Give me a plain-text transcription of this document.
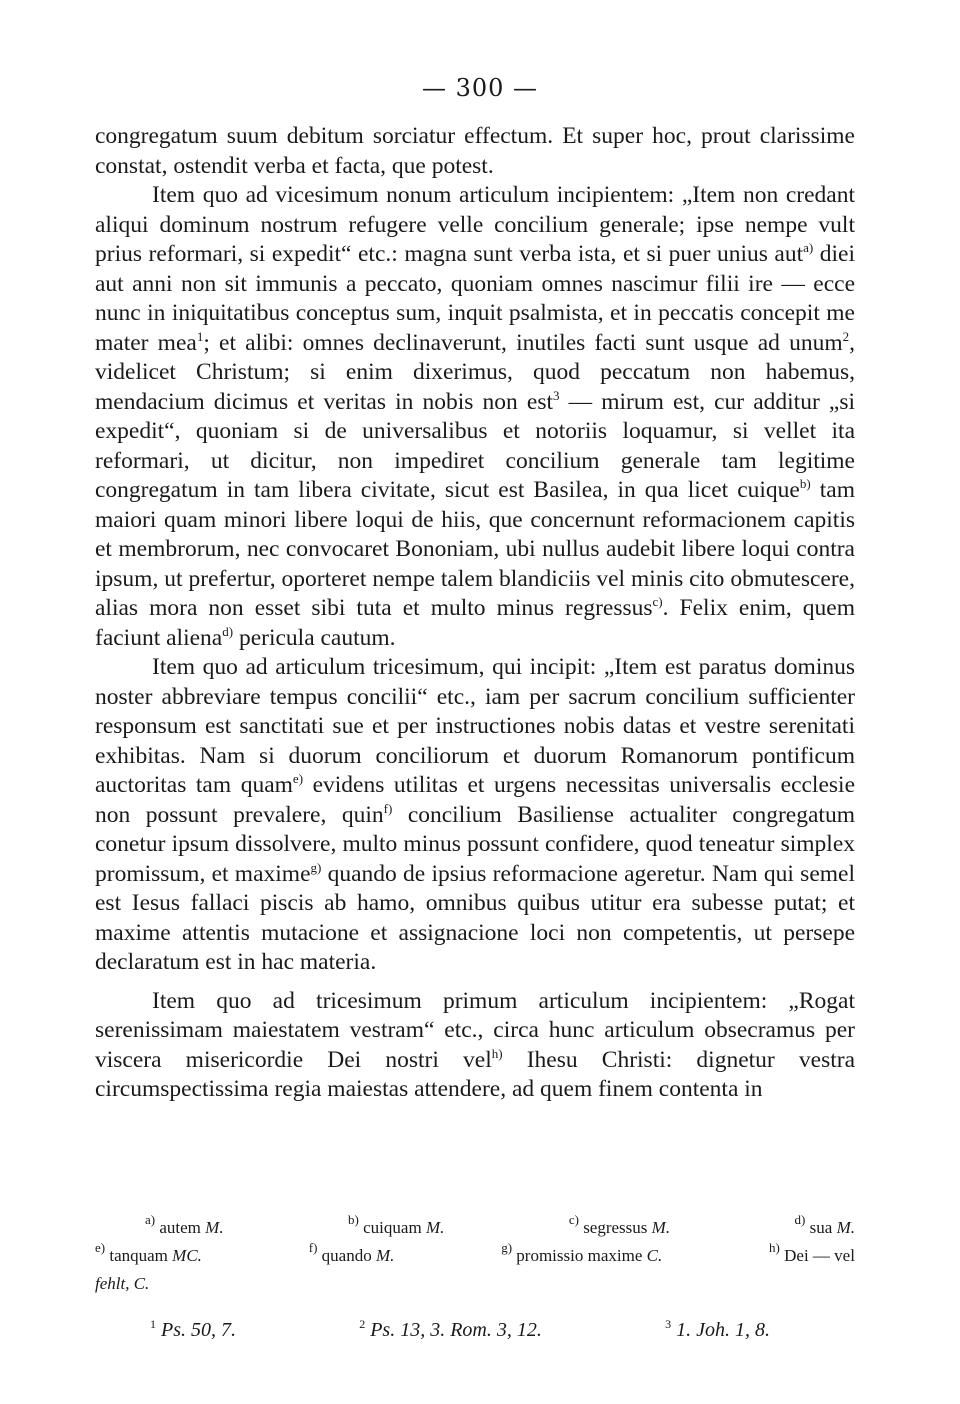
— 300 —

congregatum suum debitum sorciatur effectum. Et super hoc, prout clarissime constat, ostendit verba et facta, que potest.

Item quo ad vicesimum nonum articulum incipientem: „Item non credant aliqui dominum nostrum refugere velle concilium generale; ipse nempe vult prius reformari, si expedit“ etc.: magna sunt verba ista, et si puer unius aut$^{a)}$ diei aut anni non sit immunis a peccato, quoniam omnes nascimur filii ire — ecce nunc in iniquitatibus conceptus sum, inquit psalmista, et in peccatis concepit me mater mea$^1$; et alibi: omnes declinaverunt, inutiles facti sunt usque ad unum$^2$, videlicet Christum; si enim dixerimus, quod peccatum non habemus, mendacium dicimus et veritas in nobis non est$^3$ — mirum est, cur additur „si expedit“, quoniam si de universalibus et notoriis loquamur, si vellet ita reformari, ut dicitur, non impediret concilium generale tam legitime congregatum in tam libera civitate, sicut est Basilea, in qua licet cuique$^{b)}$ tam maiori quam minori libere loqui de hiis, que concernunt reformacionem capitis et membrorum, nec convocaret Bononiam, ubi nullus audebit libere loqui contra ipsum, ut prefertur, oporteret nempe talem blandiciis vel minis cito obmutescere, alias mora non esset sibi tuta et multo minus regressus$^{c)}$. Felix enim, quem faciunt aliena$^{d)}$ pericula cautum.

Item quo ad articulum tricesimum, qui incipit: „Item est paratus dominus noster abbreviare tempus concilii“ etc., iam per sacrum concilium sufficienter responsum est sanctitati sue et per instructiones nobis datas et vestre serenitati exhibitas. Nam si duorum conciliorum et duorum Romanorum pontificum auctoritas tam quam$^{e)}$ evidens utilitas et urgens necessitas universalis ecclesie non possunt prevalere, quin$^{f)}$ concilium Basiliense actualiter congregatum conetur ipsum dissolvere, multo minus possunt confidere, quod teneatur simplex promissum, et maxime$^{g)}$ quando de ipsius reformacione ageretur. Nam qui semel est Iesus fallaci piscis ab hamo, omnibus quibus utitur era subesse putat; et maxime attentis mutacione et assignacione loci non competentis, ut persepe declaratum est in hac materia.

Item quo ad tricesimum primum articulum incipientem: „Rogat serenissimam maiestatem vestram“ etc., circa hunc articulum obsecramus per viscera misericordie Dei nostri vel$^{h)}$ Ihesu Christi: dignetur vestra circumspectissima regia maiestas attendere, ad quem finem contenta in

$^{a)}$ autem M.	$^{b)}$ cuiquam M.	$^{c)}$ segressus M.	$^{d)}$ sua M.
$^{e)}$ tanquam MC.	$^{f)}$ quando M.	$^{g)}$ promissio maxime C.	$^{h)}$ Dei — vel
fehlt, C.
$^1$ Ps. 50, 7.	$^2$ Ps. 13, 3. Rom. 3, 12.	$^3$ 1. Joh. 1, 8.
